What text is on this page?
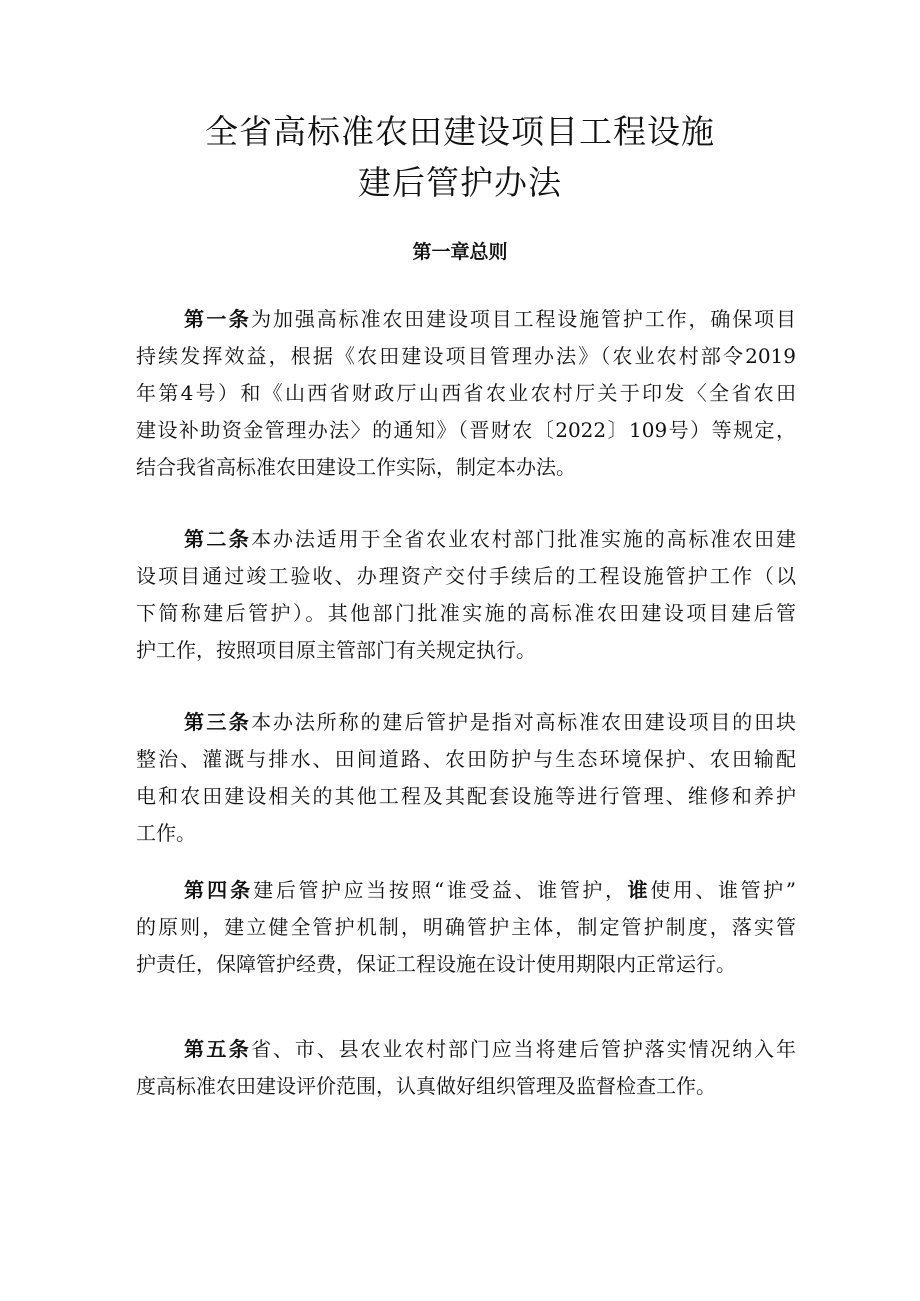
全省高标准农田建设项目工程设施
建后管护办法
第一章总则
第一条为加强高标准农田建设项目工程设施管护工作，确保项目
持续发挥效益，根据《农田建设项目管理办法》（农业农村部令2019
年第4号）和《山西省财政厅山西省农业农村厅关于印发〈全省农田
建设补助资金管理办法〉的通知》（晋财农〔2022〕109号）等规定，
结合我省高标准农田建设工作实际，制定本办法。
第二条本办法适用于全省农业农村部门批准实施的高标准农田建
设项目通过竣工验收、办理资产交付手续后的工程设施管护工作（以
下简称建后管护）。其他部门批准实施的高标准农田建设项目建后管
护工作，按照项目原主管部门有关规定执行。
第三条本办法所称的建后管护是指对高标准农田建设项目的田块
整治、灌溉与排水、田间道路、农田防护与生态环境保护、农田输配
电和农田建设相关的其他工程及其配套设施等进行管理、维修和养护
工作。
第四条建后管护应当按照“谁受益、谁管护，谁使用、谁管护”
的原则，建立健全管护机制，明确管护主体，制定管护制度，落实管
护责任，保障管护经费，保证工程设施在设计使用期限内正常运行。
第五条省、市、县农业农村部门应当将建后管护落实情况纳入年
度高标准农田建设评价范围，认真做好组织管理及监督检查工作。
